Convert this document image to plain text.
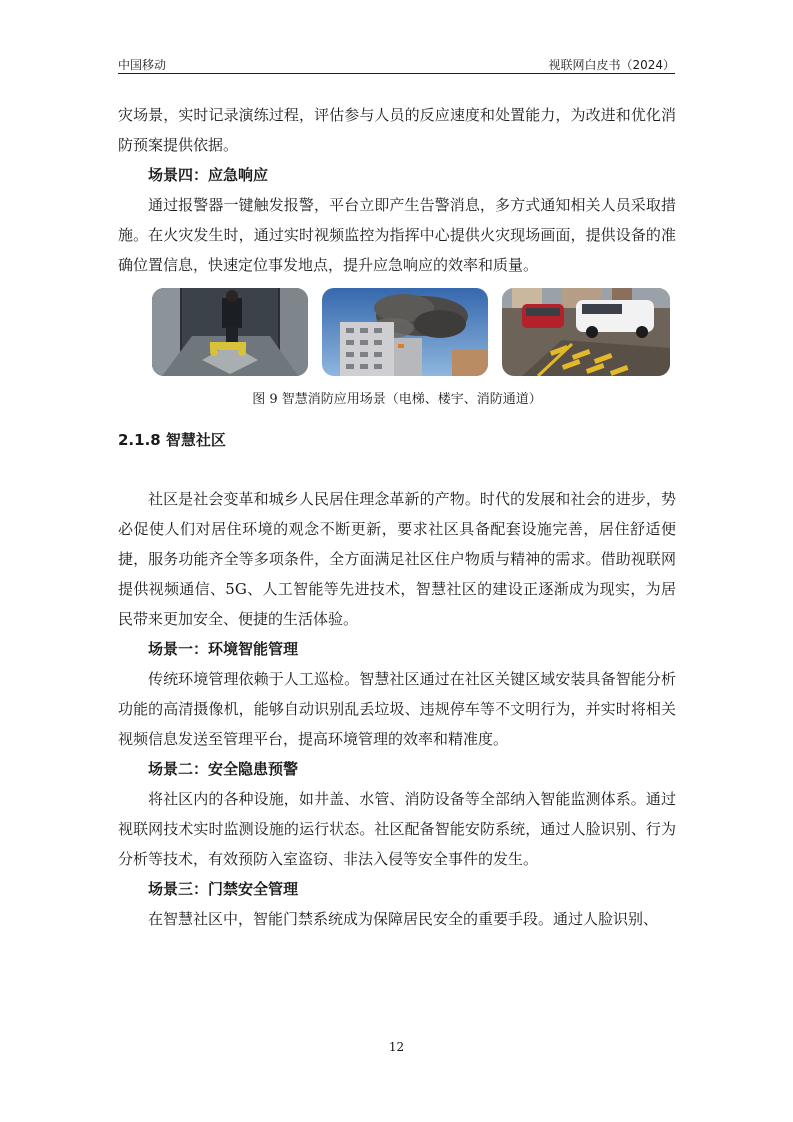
中国移动	视联网白皮书（2024）

灾场景，实时记录演练过程，评估参与人员的反应速度和处置能力，为改进和优化消防预案提供依据。

场景四：应急响应

通过报警器一键触发报警，平台立即产生告警消息，多方式通知相关人员采取措施。在火灾发生时，通过实时视频监控为指挥中心提供火灾现场画面，提供设备的准确位置信息，快速定位事发地点，提升应急响应的效率和质量。

图 9 智慧消防应用场景（电梯、楼宇、消防通道）
2.1.8 智慧社区

社区是社会变革和城乡人民居住理念革新的产物。时代的发展和社会的进步，势必促使人们对居住环境的观念不断更新，要求社区具备配套设施完善，居住舒适便捷，服务功能齐全等多项条件，全方面满足社区住户物质与精神的需求。借助视联网提供视频通信、5G、人工智能等先进技术，智慧社区的建设正逐渐成为现实，为居民带来更加安全、便捷的生活体验。

场景一：环境智能管理

传统环境管理依赖于人工巡检。智慧社区通过在社区关键区域安装具备智能分析功能的高清摄像机，能够自动识别乱丢垃圾、违规停车等不文明行为，并实时将相关视频信息发送至管理平台，提高环境管理的效率和精准度。

场景二：安全隐患预警

将社区内的各种设施，如井盖、水管、消防设备等全部纳入智能监测体系。通过视联网技术实时监测设施的运行状态。社区配备智能安防系统，通过人脸识别、行为分析等技术，有效预防入室盗窃、非法入侵等安全事件的发生。

场景三：门禁安全管理

在智慧社区中，智能门禁系统成为保障居民安全的重要手段。通过人脸识别、

12
